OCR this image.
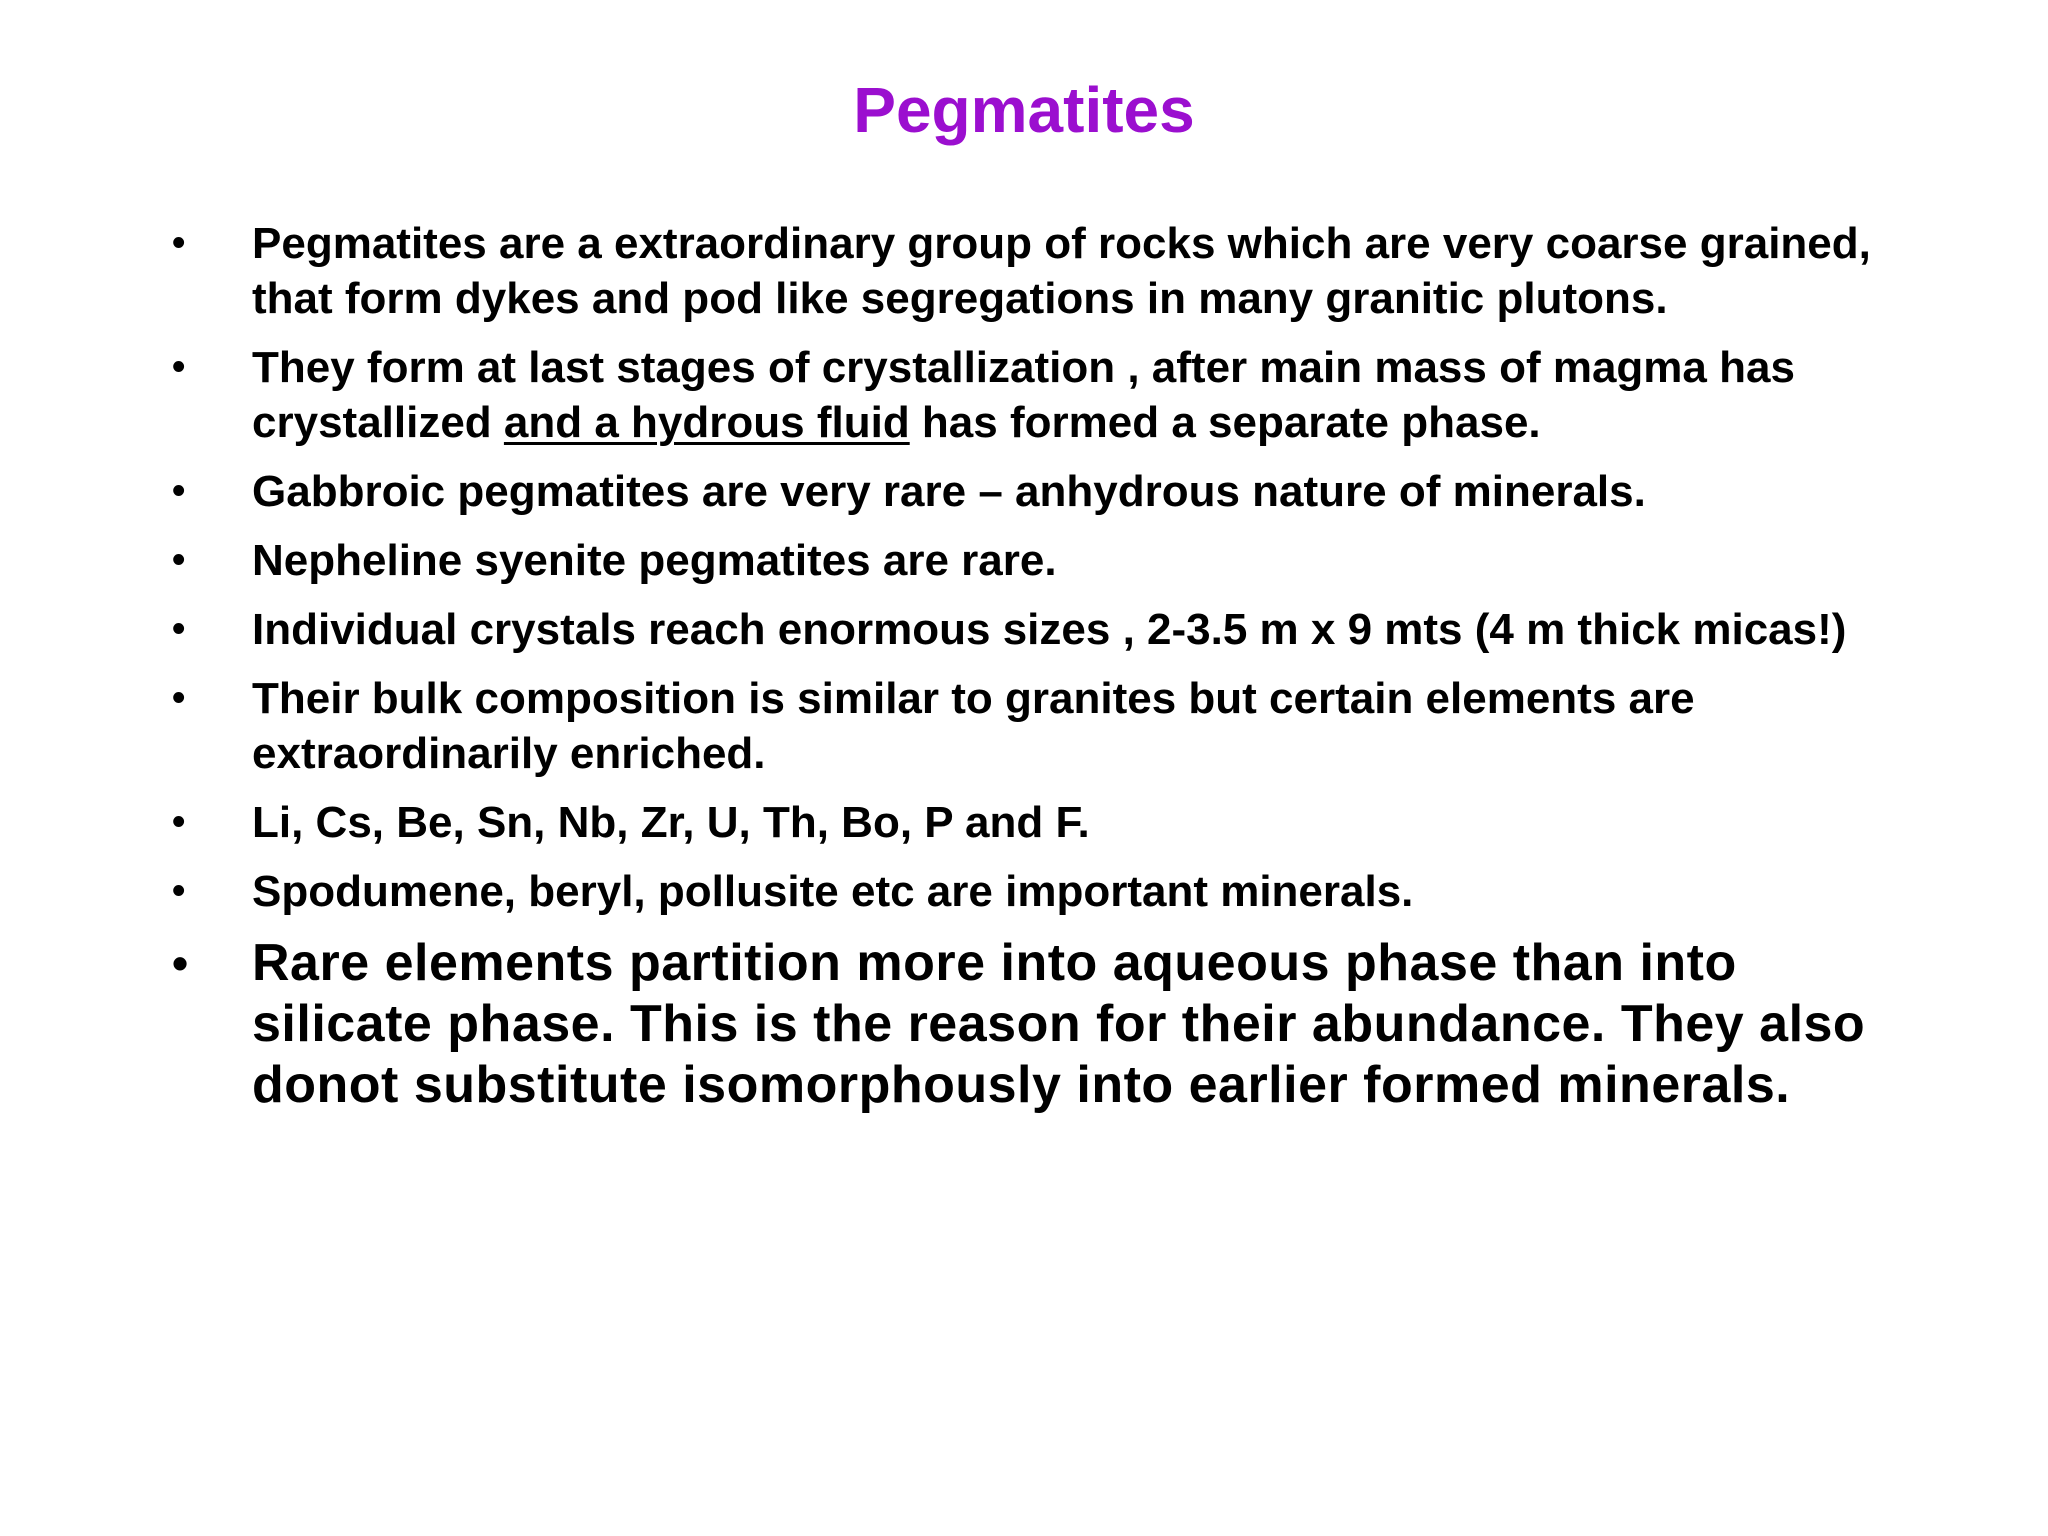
Pegmatites
• Pegmatites are a extraordinary group of rocks which are very coarse grained, that form dykes and pod like segregations in many granitic plutons.
• They form at last stages of crystallization , after main mass of magma has crystallized and a hydrous fluid has formed a separate phase.
• Gabbroic pegmatites are very rare – anhydrous nature of minerals.
• Nepheline syenite pegmatites are rare.
• Individual crystals reach enormous sizes , 2-3.5 m x 9 mts (4 m thick micas!)
• Their bulk composition is similar to granites but certain elements are extraordinarily enriched.
• Li, Cs, Be, Sn, Nb, Zr, U, Th, Bo, P and F.
• Spodumene, beryl, pollusite etc are important minerals.
• Rare elements partition more into aqueous phase than into silicate phase. This is the reason for their abundance. They also donot substitute isomorphously into earlier formed minerals.
